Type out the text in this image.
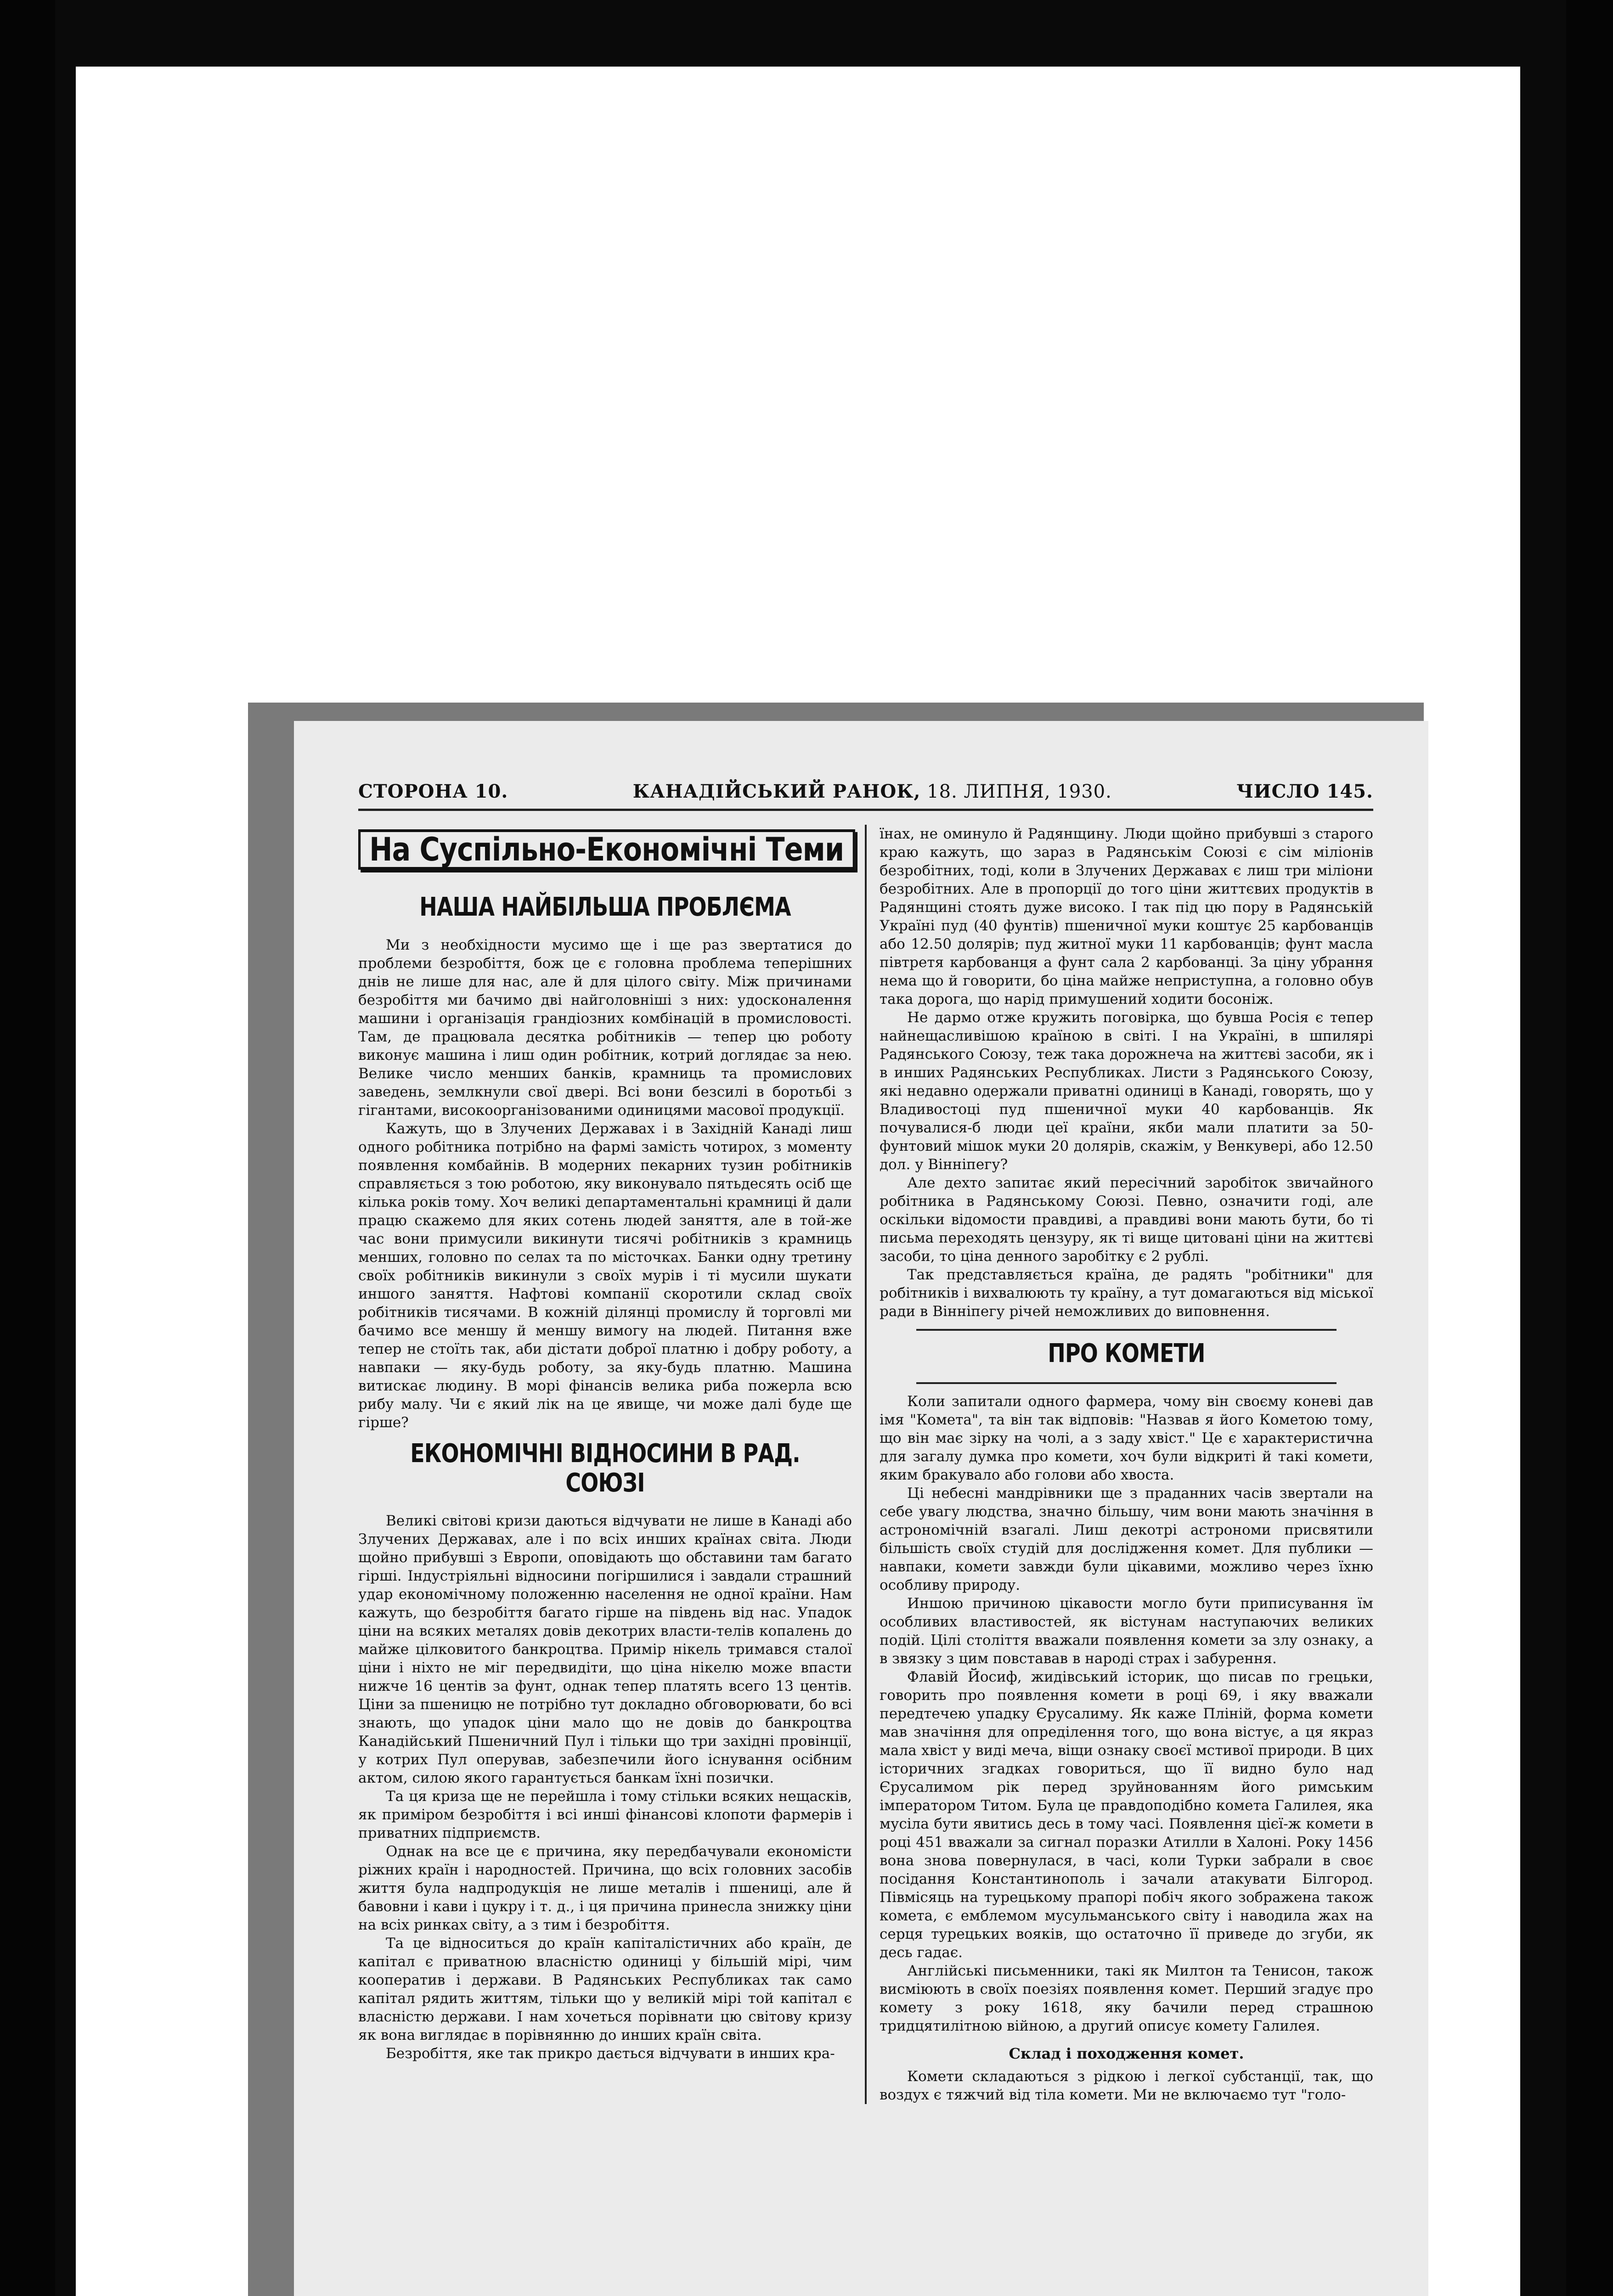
СТОРОНА 10.	КАНАДІЙСЬКИЙ РАНОК, 18. ЛИПНЯ, 1930.	ЧИСЛО 145.
На Суспільно-Економічні Теми
НАША НАЙБІЛЬША ПРОБЛЄМА

Ми з необхідности мусимо ще і ще раз звертатися до проблеми безробіття, бож це є головна проблема теперішних днів не лише для нас, але й для цілого світу. Між причинами безробіття ми бачимо дві найголовніші з них: удосконалення машини і організація грандіозних комбінацій в промисловості. Там, де працювала десятка робітників — тепер цю роботу виконує машина і лиш один робітник, котрий доглядає за нею. Велике число менших банків, крамниць та промислових заведень, землкнули свої двері. Всі вони безсилі в боротьбі з гігантами, високоорганізованими одиницями масової продукції.

Кажуть, що в Злучених Державах і в Західній Канаді лиш одного робітника потрібно на фармі замість чотирох, з моменту появлення комбайнів. В модерних пекарних тузин робітників справляється з тою роботою, яку виконувало пятьдесять осіб ще кілька років тому. Хоч великі департаментальні крамниці й дали працю скажемо для яких сотень людей заняття, але в той-же час вони примусили викинути тисячі робітників з крамниць менших, головно по селах та по місточках. Банки одну третину своїх робітників викинули з своїх мурів і ті мусили шукати иншого заняття. Нафтові компанії скоротили склад своїх робітників тисячами. В кожній ділянці промислу й торговлі ми бачимо все меншу й меншу вимогу на людей. Питання вже тепер не стоїть так, аби дістати доброї платню і добру роботу, а навпаки — яку-будь роботу, за яку-будь платню. Машина витискає людину. В морі фінансів велика риба пожерла всю рибу малу. Чи є який лік на це явище, чи може далі буде ще гірше?

ЕКОНОМІЧНІ ВІДНОСИНИ В РАД. СОЮЗІ

Великі світові кризи даються відчувати не лише в Канаді або Злучених Державах, але і по всіх инших країнах світа. Люди щойно прибувші з Европи, оповідають що обставини там багато гірші. Індустріяльні відносини погіршилися і завдали страшний удар економічному положенню населення не одної країни. Нам кажуть, що безробіття багато гірше на південь від нас. Упадок ціни на всяких металях довів декотрих власти-телів копалень до майже цілковитого банкроцтва. Примір нікель тримався сталої ціни і ніхто не міг передвидіти, що ціна нікелю може впасти нижче 16 центів за фунт, однак тепер платять всего 13 центів. Ціни за пшеницю не потрібно тут докладно обговорювати, бо всі знають, що упадок ціни мало що не довів до банкроцтва Канадійський Пшеничний Пул і тільки що три західні провінції, у котрих Пул оперував, забезпечили його існування осібним актом, силою якого гарантується банкам їхні позички.

Та ця криза ще не перейшла і тому стільки всяких нещасків, як приміром безробіття і всі инші фінансові клопоти фармерів і приватних підприємств.

Однак на все це є причина, яку передбачували економісти ріжних країн і народностей. Причина, що всіх головних засобів життя була надпродукція не лише металів і пшениці, але й бавовни і кави і цукру і т. д., і ця причина принесла знижку ціни на всіх ринках світу, а з тим і безробіття.

Та це відноситься до країн капіталістичних або країн, де капітал є приватною власністю одиниці у більшій мірі, чим кооператив і держави. В Радянських Республиках так само капітал рядить життям, тільки що у великій мірі той капітал є власністю держави. І нам хочеться порівнати цю світову кризу як вона виглядає в порівнянню до инших країн світа.

Безробіття, яке так прикро дається відчувати в инших кра-

їнах, не оминуло й Радянщину. Люди щойно прибувші з старого краю кажуть, що зараз в Радянськім Союзі є сім міліонів безробітних, тоді, коли в Злучених Державах є лиш три міліони безробітних. Але в пропорції до того ціни життєвих продуктів в Радянщині стоять дуже високо. І так під цю пору в Радянській Україні пуд (40 фунтів) пшеничної муки коштує 25 карбованців або 12.50 долярів; пуд житної муки 11 карбованців; фунт масла півтретя карбованця а фунт сала 2 карбованці. За ціну убрання нема що й говорити, бо ціна майже неприступна, а головно обув така дорога, що нарід примушений ходити босоніж.

Не дармо отже кружить поговірка, що бувша Росія є тепер найнещасливішою країною в світі. І на Україні, в шпилярі Радянського Союзу, теж така дорожнеча на життєві засоби, як і в инших Радянських Республиках. Листи з Радянського Союзу, які недавно одержали приватні одиниці в Канаді, говорять, що у Владивостоці пуд пшеничної муки 40 карбованців. Як почувалися-б люди цеї країни, якби мали платити за 50-фунтовий мішок муки 20 долярів, скажім, у Венкувері, або 12.50 дол. у Вінніпегу?

Але дехто запитає який пересічний заробіток звичайного робітника в Радянському Союзі. Певно, означити годі, але оскільки відомости правдиві, а правдиві вони мають бути, бо ті письма переходять цензуру, як ті вище цитовані ціни на життєві засоби, то ціна денного заробітку є 2 рублі.

Так представляється країна, де радять "робітники" для робітників і вихвалюють ту країну, а тут домагаються від міської ради в Вінніпегу річей неможливих до виповнення.

ПРО КОМЕТИ

Коли запитали одного фармера, чому він своєму коневі дав імя "Комета", та він так відповів: "Назвав я його Кометою тому, що він має зірку на чолі, а з заду хвіст." Це є характеристична для загалу думка про комети, хоч були відкриті й такі комети, яким бракувало або голови або хвоста.

Ці небесні мандрівники ще з праданних часів звертали на себе увагу людства, значно більшу, чим вони мають значіння в астрономічній взагалі. Лиш декотрі астрономи присвятили більшість своїх студій для дослідження комет. Для публики — навпаки, комети завжди були цікавими, можливо через їхню особливу природу.

Иншою причиною цікавости могло бути приписування їм особливих властивостей, як вістунам наступаючих великих подій. Цілі століття вважали появлення комети за злу ознаку, а в звязку з цим повставав в народі страх і забурення.

Флавій Йосиф, жидівський історик, що писав по грецьки, говорить про появлення комети в році 69, і яку вважали передтечею упадку Єрусалиму. Як каже Пліній, форма комети мав значіння для опреділення того, що вона вістує, а ця якраз мала хвіст у виді меча, віщи ознаку своєї мстивої природи. В цих історичних згадках говориться, що її видно було над Єрусалимом рік перед зруйнованням його римським імператором Титом. Була це правдоподібно комета Галилея, яка мусіла бути явитись десь в тому часі. Появлення цієї-ж комети в році 451 вважали за сигнал поразки Атилли в Халоні. Року 1456 вона знова повернулася, в часі, коли Турки забрали в своє посідання Константинополь і зачали атакувати Білгород. Півмісяць на турецькому прапорі побіч якого зображена також комета, є емблемом мусульманського світу і наводила жах на серця турецьких вояків, що остаточно її приведе до згуби, як десь гадає.

Англійські письменники, такі як Милтон та Тенисон, також висміюють в своїх поезіях появлення комет. Перший згадує про комету з року 1618, яку бачили перед страшною тридцятилітною війною, а другий описує комету Галилея.

Склад і походження комет.

Комети складаються з рідкою і легкої субстанції, так, що воздух є тяжчий від тіла комети. Ми не включаємо тут "голо-
